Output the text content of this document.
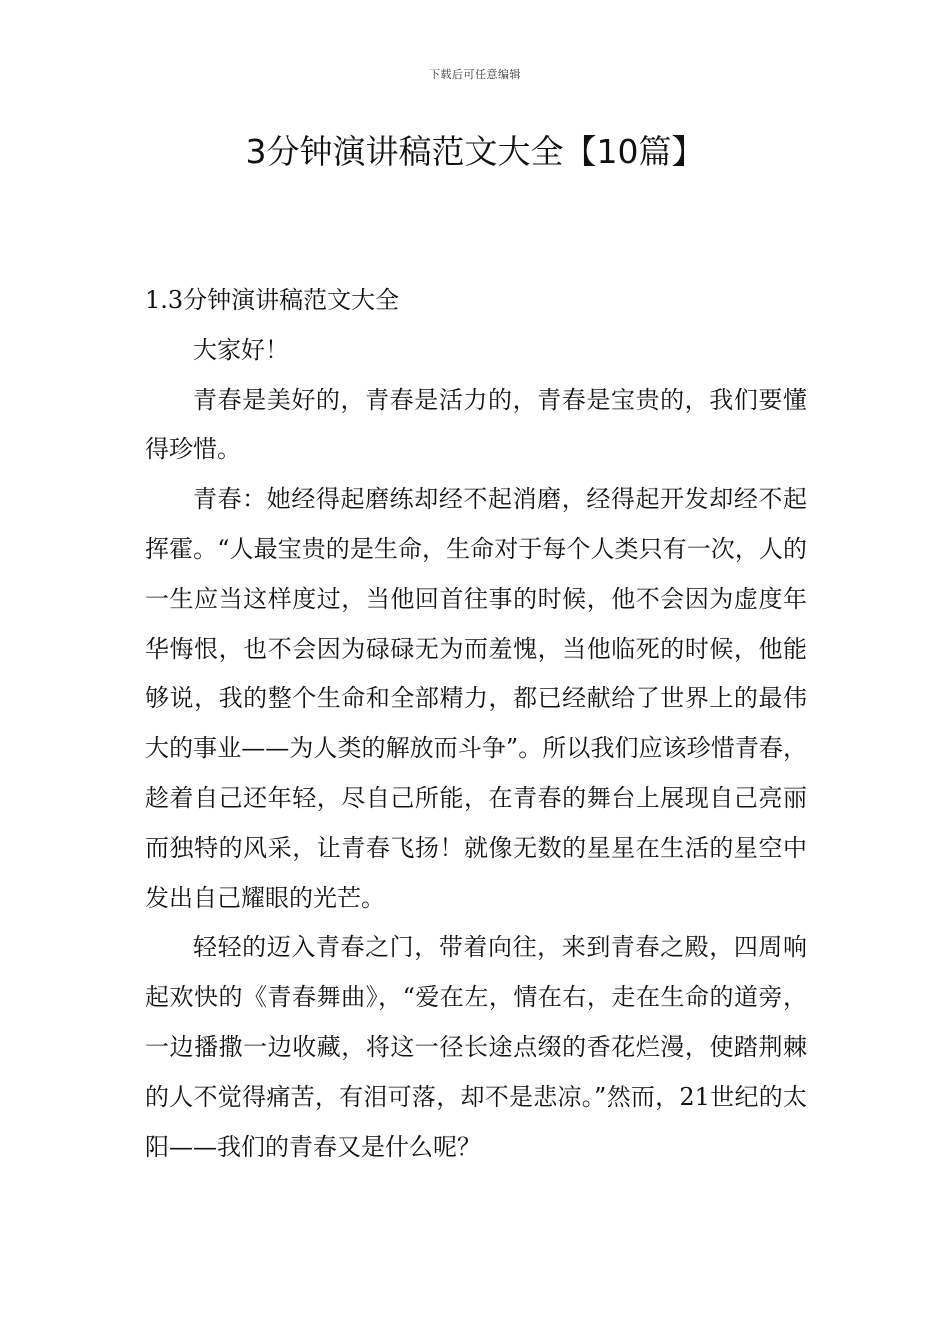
下载后可任意编辑
3分钟演讲稿范文大全【10篇】

1.3分钟演讲稿范文大全

大家好！

青春是美好的，青春是活力的，青春是宝贵的，我们要懂得珍惜。

青春：她经得起磨练却经不起消磨，经得起开发却经不起挥霍。“人最宝贵的是生命，生命对于每个人类只有一次，人的一生应当这样度过，当他回首往事的时候，他不会因为虚度年华悔恨，也不会因为碌碌无为而羞愧，当他临死的时候，他能够说，我的整个生命和全部精力，都已经献给了世界上的最伟大的事业——为人类的解放而斗争”。所以我们应该珍惜青春，趁着自己还年轻，尽自己所能，在青春的舞台上展现自己亮丽而独特的风采，让青春飞扬！就像无数的星星在生活的星空中发出自己耀眼的光芒。

轻轻的迈入青春之门，带着向往，来到青春之殿，四周响起欢快的《青春舞曲》，“爱在左，情在右，走在生命的道旁，一边播撒一边收藏，将这一径长途点缀的香花烂漫，使踏荆棘的人不觉得痛苦，有泪可落，却不是悲凉。”然而，21世纪的太阳——我们的青春又是什么呢？
